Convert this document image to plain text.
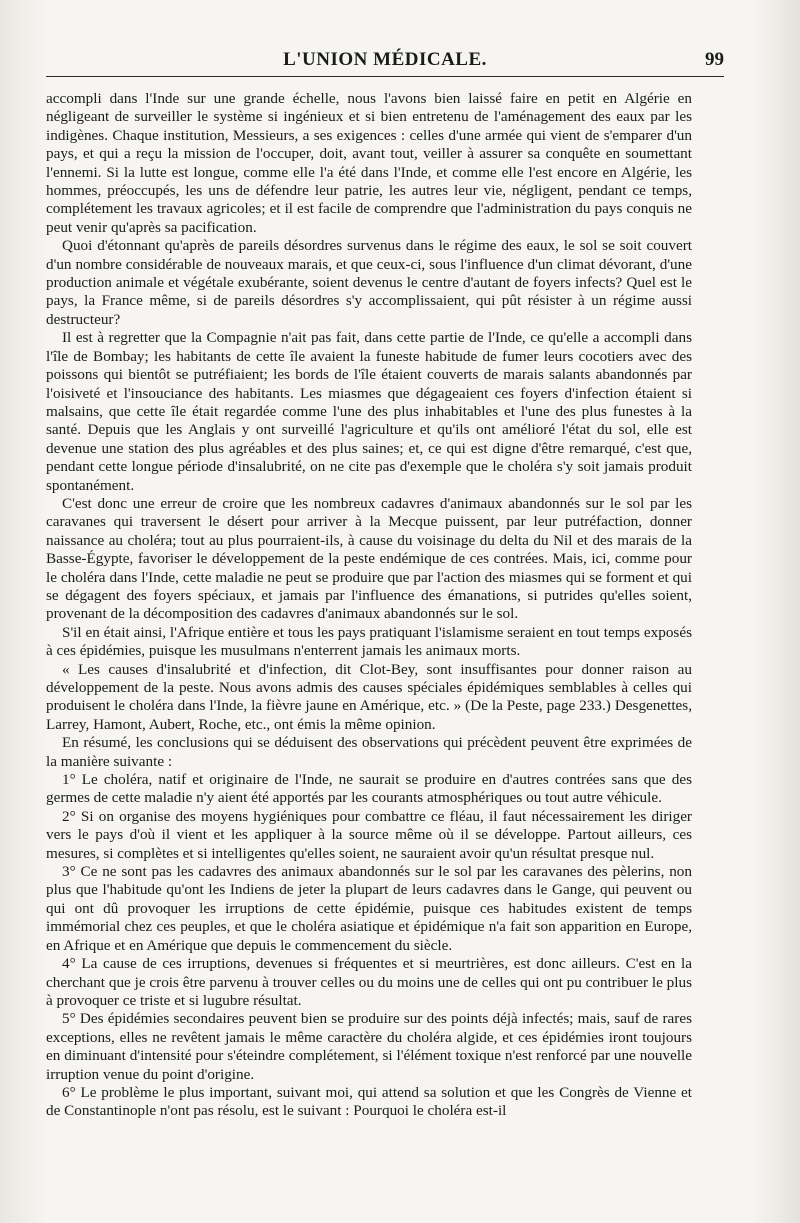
L'UNION MÉDICALE.	99

accompli dans l'Inde sur une grande échelle, nous l'avons bien laissé faire en petit en Algérie en négligeant de surveiller le système si ingénieux et si bien entretenu de l'aménagement des eaux par les indigènes. Chaque institution, Messieurs, a ses exigences : celles d'une armée qui vient de s'emparer d'un pays, et qui a reçu la mission de l'occuper, doit, avant tout, veiller à assurer sa conquête en soumettant l'ennemi. Si la lutte est longue, comme elle l'a été dans l'Inde, et comme elle l'est encore en Algérie, les hommes, préoccupés, les uns de défendre leur patrie, les autres leur vie, négligent, pendant ce temps, complétement les travaux agricoles; et il est facile de comprendre que l'administration du pays conquis ne peut venir qu'après sa pacification.

Quoi d'étonnant qu'après de pareils désordres survenus dans le régime des eaux, le sol se soit couvert d'un nombre considérable de nouveaux marais, et que ceux-ci, sous l'influence d'un climat dévorant, d'une production animale et végétale exubérante, soient devenus le centre d'autant de foyers infects? Quel est le pays, la France même, si de pareils désordres s'y accomplissaient, qui pût résister à un régime aussi destructeur?

Il est à regretter que la Compagnie n'ait pas fait, dans cette partie de l'Inde, ce qu'elle a accompli dans l'île de Bombay; les habitants de cette île avaient la funeste habitude de fumer leurs cocotiers avec des poissons qui bientôt se putréfiaient; les bords de l'île étaient couverts de marais salants abandonnés par l'oisiveté et l'insouciance des habitants. Les miasmes que dégageaient ces foyers d'infection étaient si malsains, que cette île était regardée comme l'une des plus inhabitables et l'une des plus funestes à la santé. Depuis que les Anglais y ont surveillé l'agriculture et qu'ils ont amélioré l'état du sol, elle est devenue une station des plus agréables et des plus saines; et, ce qui est digne d'être remarqué, c'est que, pendant cette longue période d'insalubrité, on ne cite pas d'exemple que le choléra s'y soit jamais produit spontanément.

C'est donc une erreur de croire que les nombreux cadavres d'animaux abandonnés sur le sol par les caravanes qui traversent le désert pour arriver à la Mecque puissent, par leur putréfaction, donner naissance au choléra; tout au plus pourraient-ils, à cause du voisinage du delta du Nil et des marais de la Basse-Égypte, favoriser le développement de la peste endémique de ces contrées. Mais, ici, comme pour le choléra dans l'Inde, cette maladie ne peut se produire que par l'action des miasmes qui se forment et qui se dégagent des foyers spéciaux, et jamais par l'influence des émanations, si putrides qu'elles soient, provenant de la décomposition des cadavres d'animaux abandonnés sur le sol.

S'il en était ainsi, l'Afrique entière et tous les pays pratiquant l'islamisme seraient en tout temps exposés à ces épidémies, puisque les musulmans n'enterrent jamais les animaux morts.

« Les causes d'insalubrité et d'infection, dit Clot-Bey, sont insuffisantes pour donner raison au développement de la peste. Nous avons admis des causes spéciales épidémiques semblables à celles qui produisent le choléra dans l'Inde, la fièvre jaune en Amérique, etc. » (De la Peste, page 233.) Desgenettes, Larrey, Hamont, Aubert, Roche, etc., ont émis la même opinion.

En résumé, les conclusions qui se déduisent des observations qui précèdent peuvent être exprimées de la manière suivante :

1° Le choléra, natif et originaire de l'Inde, ne saurait se produire en d'autres contrées sans que des germes de cette maladie n'y aient été apportés par les courants atmosphériques ou tout autre véhicule.

2° Si on organise des moyens hygiéniques pour combattre ce fléau, il faut nécessairement les diriger vers le pays d'où il vient et les appliquer à la source même où il se développe. Partout ailleurs, ces mesures, si complètes et si intelligentes qu'elles soient, ne sauraient avoir qu'un résultat presque nul.

3° Ce ne sont pas les cadavres des animaux abandonnés sur le sol par les caravanes des pèlerins, non plus que l'habitude qu'ont les Indiens de jeter la plupart de leurs cadavres dans le Gange, qui peuvent ou qui ont dû provoquer les irruptions de cette épidémie, puisque ces habitudes existent de temps immémorial chez ces peuples, et que le choléra asiatique et épidémique n'a fait son apparition en Europe, en Afrique et en Amérique que depuis le commencement du siècle.

4° La cause de ces irruptions, devenues si fréquentes et si meurtrières, est donc ailleurs. C'est en la cherchant que je crois être parvenu à trouver celles ou du moins une de celles qui ont pu contribuer le plus à provoquer ce triste et si lugubre résultat.

5° Des épidémies secondaires peuvent bien se produire sur des points déjà infectés; mais, sauf de rares exceptions, elles ne revêtent jamais le même caractère du choléra algide, et ces épidémies iront toujours en diminuant d'intensité pour s'éteindre complétement, si l'élément toxique n'est renforcé par une nouvelle irruption venue du point d'origine.

6° Le problème le plus important, suivant moi, qui attend sa solution et que les Congrès de Vienne et de Constantinople n'ont pas résolu, est le suivant : Pourquoi le choléra est-il
